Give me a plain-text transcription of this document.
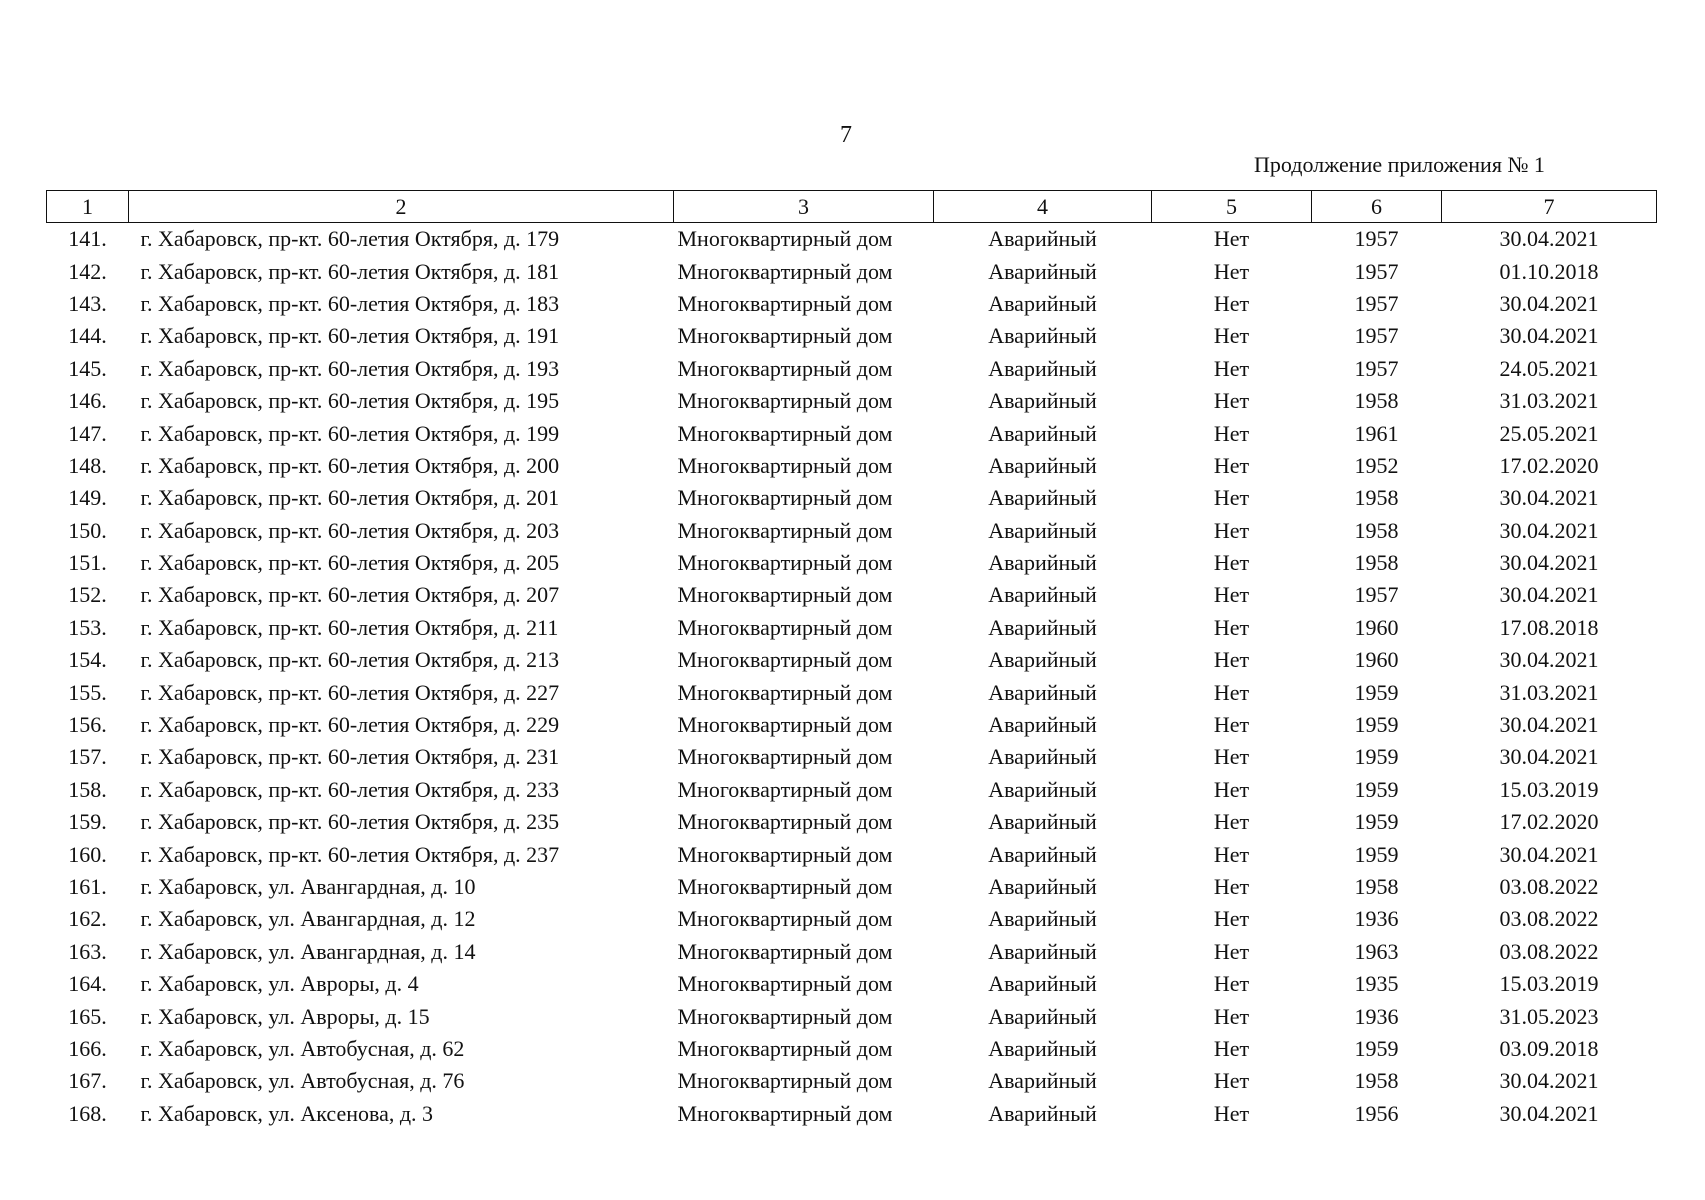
7
Продолжение приложения № 1
1	2	3	4	5	6	7
141.	г. Хабаровск, пр-кт. 60-летия Октября, д. 179	Многоквартирный дом	Аварийный	Нет	1957	30.04.2021
142.	г. Хабаровск, пр-кт. 60-летия Октября, д. 181	Многоквартирный дом	Аварийный	Нет	1957	01.10.2018
143.	г. Хабаровск, пр-кт. 60-летия Октября, д. 183	Многоквартирный дом	Аварийный	Нет	1957	30.04.2021
144.	г. Хабаровск, пр-кт. 60-летия Октября, д. 191	Многоквартирный дом	Аварийный	Нет	1957	30.04.2021
145.	г. Хабаровск, пр-кт. 60-летия Октября, д. 193	Многоквартирный дом	Аварийный	Нет	1957	24.05.2021
146.	г. Хабаровск, пр-кт. 60-летия Октября, д. 195	Многоквартирный дом	Аварийный	Нет	1958	31.03.2021
147.	г. Хабаровск, пр-кт. 60-летия Октября, д. 199	Многоквартирный дом	Аварийный	Нет	1961	25.05.2021
148.	г. Хабаровск, пр-кт. 60-летия Октября, д. 200	Многоквартирный дом	Аварийный	Нет	1952	17.02.2020
149.	г. Хабаровск, пр-кт. 60-летия Октября, д. 201	Многоквартирный дом	Аварийный	Нет	1958	30.04.2021
150.	г. Хабаровск, пр-кт. 60-летия Октября, д. 203	Многоквартирный дом	Аварийный	Нет	1958	30.04.2021
151.	г. Хабаровск, пр-кт. 60-летия Октября, д. 205	Многоквартирный дом	Аварийный	Нет	1958	30.04.2021
152.	г. Хабаровск, пр-кт. 60-летия Октября, д. 207	Многоквартирный дом	Аварийный	Нет	1957	30.04.2021
153.	г. Хабаровск, пр-кт. 60-летия Октября, д. 211	Многоквартирный дом	Аварийный	Нет	1960	17.08.2018
154.	г. Хабаровск, пр-кт. 60-летия Октября, д. 213	Многоквартирный дом	Аварийный	Нет	1960	30.04.2021
155.	г. Хабаровск, пр-кт. 60-летия Октября, д. 227	Многоквартирный дом	Аварийный	Нет	1959	31.03.2021
156.	г. Хабаровск, пр-кт. 60-летия Октября, д. 229	Многоквартирный дом	Аварийный	Нет	1959	30.04.2021
157.	г. Хабаровск, пр-кт. 60-летия Октября, д. 231	Многоквартирный дом	Аварийный	Нет	1959	30.04.2021
158.	г. Хабаровск, пр-кт. 60-летия Октября, д. 233	Многоквартирный дом	Аварийный	Нет	1959	15.03.2019
159.	г. Хабаровск, пр-кт. 60-летия Октября, д. 235	Многоквартирный дом	Аварийный	Нет	1959	17.02.2020
160.	г. Хабаровск, пр-кт. 60-летия Октября, д. 237	Многоквартирный дом	Аварийный	Нет	1959	30.04.2021
161.	г. Хабаровск, ул. Авангардная, д. 10	Многоквартирный дом	Аварийный	Нет	1958	03.08.2022
162.	г. Хабаровск, ул. Авангардная, д. 12	Многоквартирный дом	Аварийный	Нет	1936	03.08.2022
163.	г. Хабаровск, ул. Авангардная, д. 14	Многоквартирный дом	Аварийный	Нет	1963	03.08.2022
164.	г. Хабаровск, ул. Авроры, д. 4	Многоквартирный дом	Аварийный	Нет	1935	15.03.2019
165.	г. Хабаровск, ул. Авроры, д. 15	Многоквартирный дом	Аварийный	Нет	1936	31.05.2023
166.	г. Хабаровск, ул. Автобусная, д. 62	Многоквартирный дом	Аварийный	Нет	1959	03.09.2018
167.	г. Хабаровск, ул. Автобусная, д. 76	Многоквартирный дом	Аварийный	Нет	1958	30.04.2021
168.	г. Хабаровск, ул. Аксенова, д. 3	Многоквартирный дом	Аварийный	Нет	1956	30.04.2021
